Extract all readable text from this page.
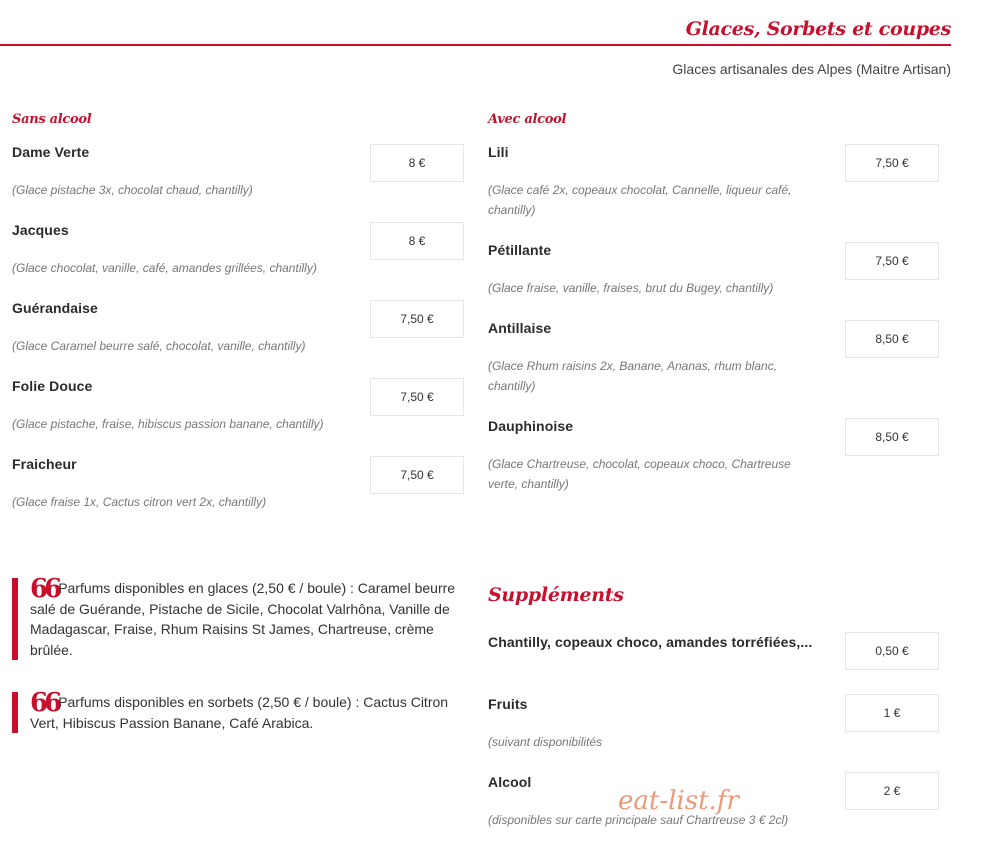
Glaces, Sorbets et coupes
Glaces artisanales des Alpes (Maitre Artisan)
Sans alcool
Dame Verte
(Glace pistache 3x, chocolat chaud, chantilly)
8 €
Jacques
(Glace chocolat, vanille, café, amandes grillées, chantilly)
8 €
Guérandaise
(Glace Caramel beurre salé, chocolat, vanille, chantilly)
7,50 €
Folie Douce
(Glace pistache, fraise, hibiscus passion banane, chantilly)
7,50 €
Fraicheur
(Glace fraise 1x, Cactus citron vert 2x, chantilly)
7,50 €
Avec alcool
Lili
(Glace café 2x, copeaux chocolat, Cannelle, liqueur café, chantilly)
7,50 €
Pétillante
(Glace fraise, vanille, fraises, brut du Bugey, chantilly)
7,50 €
Antillaise
(Glace Rhum raisins 2x, Banane, Ananas, rhum blanc, chantilly)
8,50 €
Dauphinoise
(Glace Chartreuse, chocolat, copeaux choco, Chartreuse verte, chantilly)
8,50 €
66Parfums disponibles en glaces (2,50 € / boule) : Caramel beurre salé de Guérande, Pistache de Sicile, Chocolat Valrhôna, Vanille de Madagascar, Fraise, Rhum Raisins St James, Chartreuse, crème brûlée.
66Parfums disponibles en sorbets (2,50 € / boule) : Cactus Citron Vert, Hibiscus Passion Banane, Café Arabica.
Suppléments
Chantilly, copeaux choco, amandes torréfiées,...
0,50 €
Fruits
(suivant disponibilités
1 €
Alcool
(disponibles sur carte principale sauf Chartreuse 3 € 2cl)
2 €
eat-list.fr
